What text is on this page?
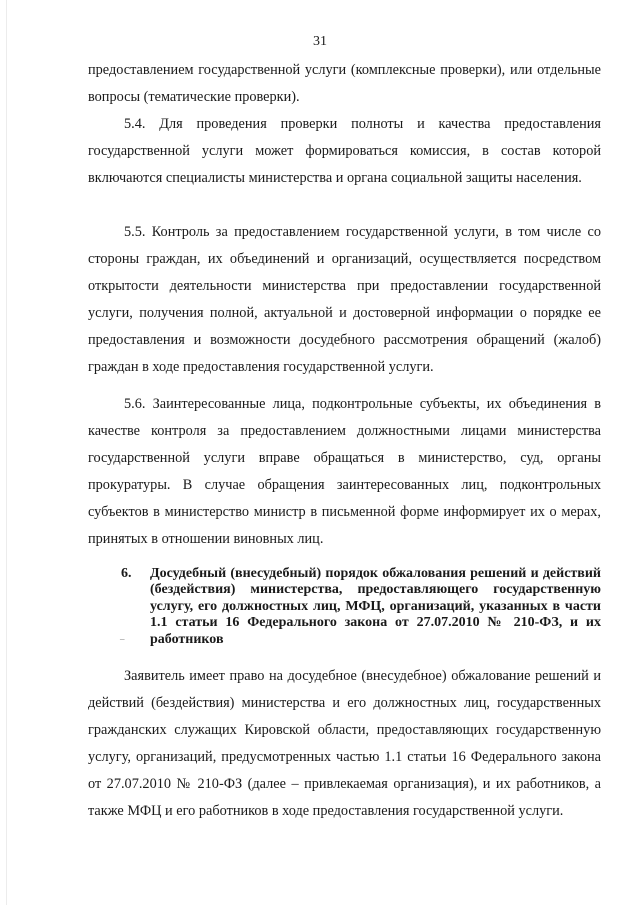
31

предоставлением государственной услуги (комплексные проверки), или отдельные вопросы (тематические проверки).

5.4. Для проведения проверки полноты и качества предоставления государственной услуги может формироваться комиссия, в состав которой включаются специалисты министерства и органа социальной защиты населения.

5.5. Контроль за предоставлением государственной услуги, в том числе со стороны граждан, их объединений и организаций, осуществляется посредством открытости деятельности министерства при предоставлении государственной услуги, получения полной, актуальной и достоверной информации о порядке ее предоставления и возможности досудебного рассмотрения обращений (жалоб) граждан в ходе предоставления государственной услуги.

5.6. Заинтересованные лица, подконтрольные субъекты, их объединения в качестве контроля за предоставлением должностными лицами министерства государственной услуги вправе обращаться в министерство, суд, органы прокуратуры. В случае обращения заинтересованных лиц, подконтрольных субъектов в министерство министр в письменной форме информирует их о мерах, принятых в отношении виновных лиц.

6. Досудебный (внесудебный) порядок обжалования решений и действий (бездействия) министерства, предоставляющего государственную услугу, его должностных лиц, МФЦ, организаций, указанных в части 1.1 статьи 16 Федерального закона от 27.07.2010 № 210-ФЗ, и их работников

Заявитель имеет право на досудебное (внесудебное) обжалование решений и действий (бездействия) министерства и его должностных лиц, государственных гражданских служащих Кировской области, предоставляющих государственную услугу, организаций, предусмотренных частью 1.1 статьи 16 Федерального закона от 27.07.2010 № 210-ФЗ (далее – привлекаемая организация), и их работников, а также МФЦ и его работников в ходе предоставления государственной услуги.

_
